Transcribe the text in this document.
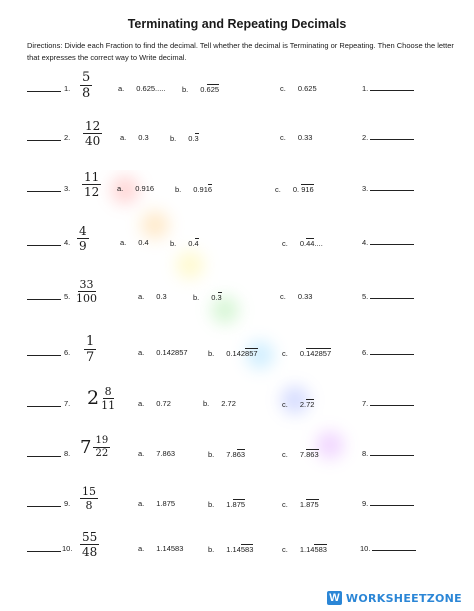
Terminating and Repeating Decimals
Directions: Divide each Fraction to find the decimal. Tell whether the decimal is Terminating or Repeating. Then Choose the letter that expresses the correct way to Write decimal.
1. $\frac{5}{8}$	a. 0.625..... b. 0.625	c. 0.625	1.
2. $\frac{12}{40} a$. 0.3	b. 0.3	c. 0.33	2.
3. $\frac{11}{12} a$. 0.916	b. 0.916	c. 0. 916	3.
4. $\frac{4}{9}$	a. 0.4	b. 0.4	c. 0.44....	4.
5. $\frac{33}{100}$	a. 0.3	b. 0.3	c. 0.33	5.
6. $\frac{1}{7}$	a. 0.142857	b. 0.142857	c. 0.142857	6.
7. $2 \frac{8}{11}$	a. 0.72	b. 2.72	c. 2.72	7.
8. $7 \frac{19}{22}$	a. 7.863	b. 7.863	c. 7.863	8.
9. $\frac{15}{8}$	a. 1.875	b. 1.875	c. 1.875	9.
10. $\frac{55}{48}$	a. 1.14583	b. 1.14583	c. 1.14583	10.
W WORKSHEETZONE
